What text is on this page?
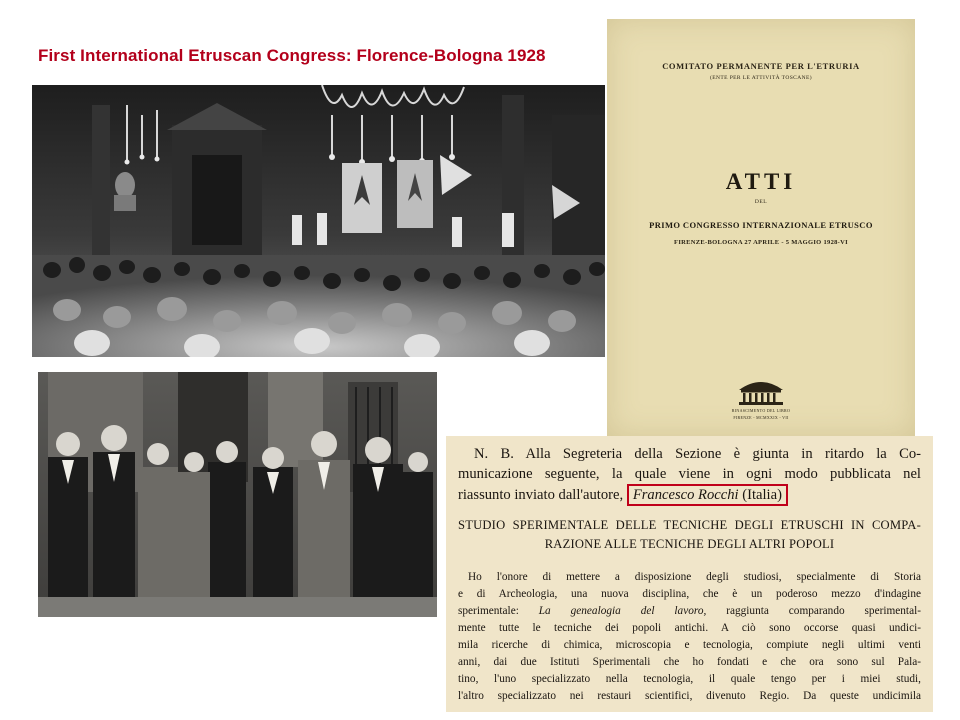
First International Etruscan Congress: Florence-Bologna 1928
COMITATO PERMANENTE PER L'ETRURIA
(ENTE PER LE ATTIVITÀ TOSCANE)
ATTI
DEL
PRIMO CONGRESSO INTERNAZIONALE ETRUSCO
FIRENZE-BOLOGNA 27 APRILE - 5 MAGGIO 1928-VI
RINASCIMENTO DEL LIBRO
FIRENZE - MCMXXIX - VII
N. B. Alla Segreteria della Sezione è giunta in ritardo la Co-
municazione seguente, la quale viene in ogni modo pubblicata nel
riassunto inviato dall'autore, Francesco Rocchi (Italia)
STUDIO SPERIMENTALE DELLE TECNICHE DEGLI ETRUSCHI IN COMPA-
RAZIONE ALLE TECNICHE DEGLI ALTRI POPOLI
Ho l'onore di mettere a disposizione degli studiosi, specialmente di Storia
e di Archeologia, una nuova disciplina, che è un poderoso mezzo d'indagine
sperimentale: La genealogia del lavoro, raggiunta comparando sperimental-
mente tutte le tecniche dei popoli antichi. A ciò sono occorse quasi undici-
mila ricerche di chimica, microscopia e tecnologia, compiute negli ultimi venti
anni, dai due Istituti Sperimentali che ho fondati e che ora sono sul Pala-
tino, l'uno specializzato nella tecnologia, il quale tengo per i miei studi,
l'altro specializzato nei restauri scientifici, divenuto Regio. Da queste undicimila
